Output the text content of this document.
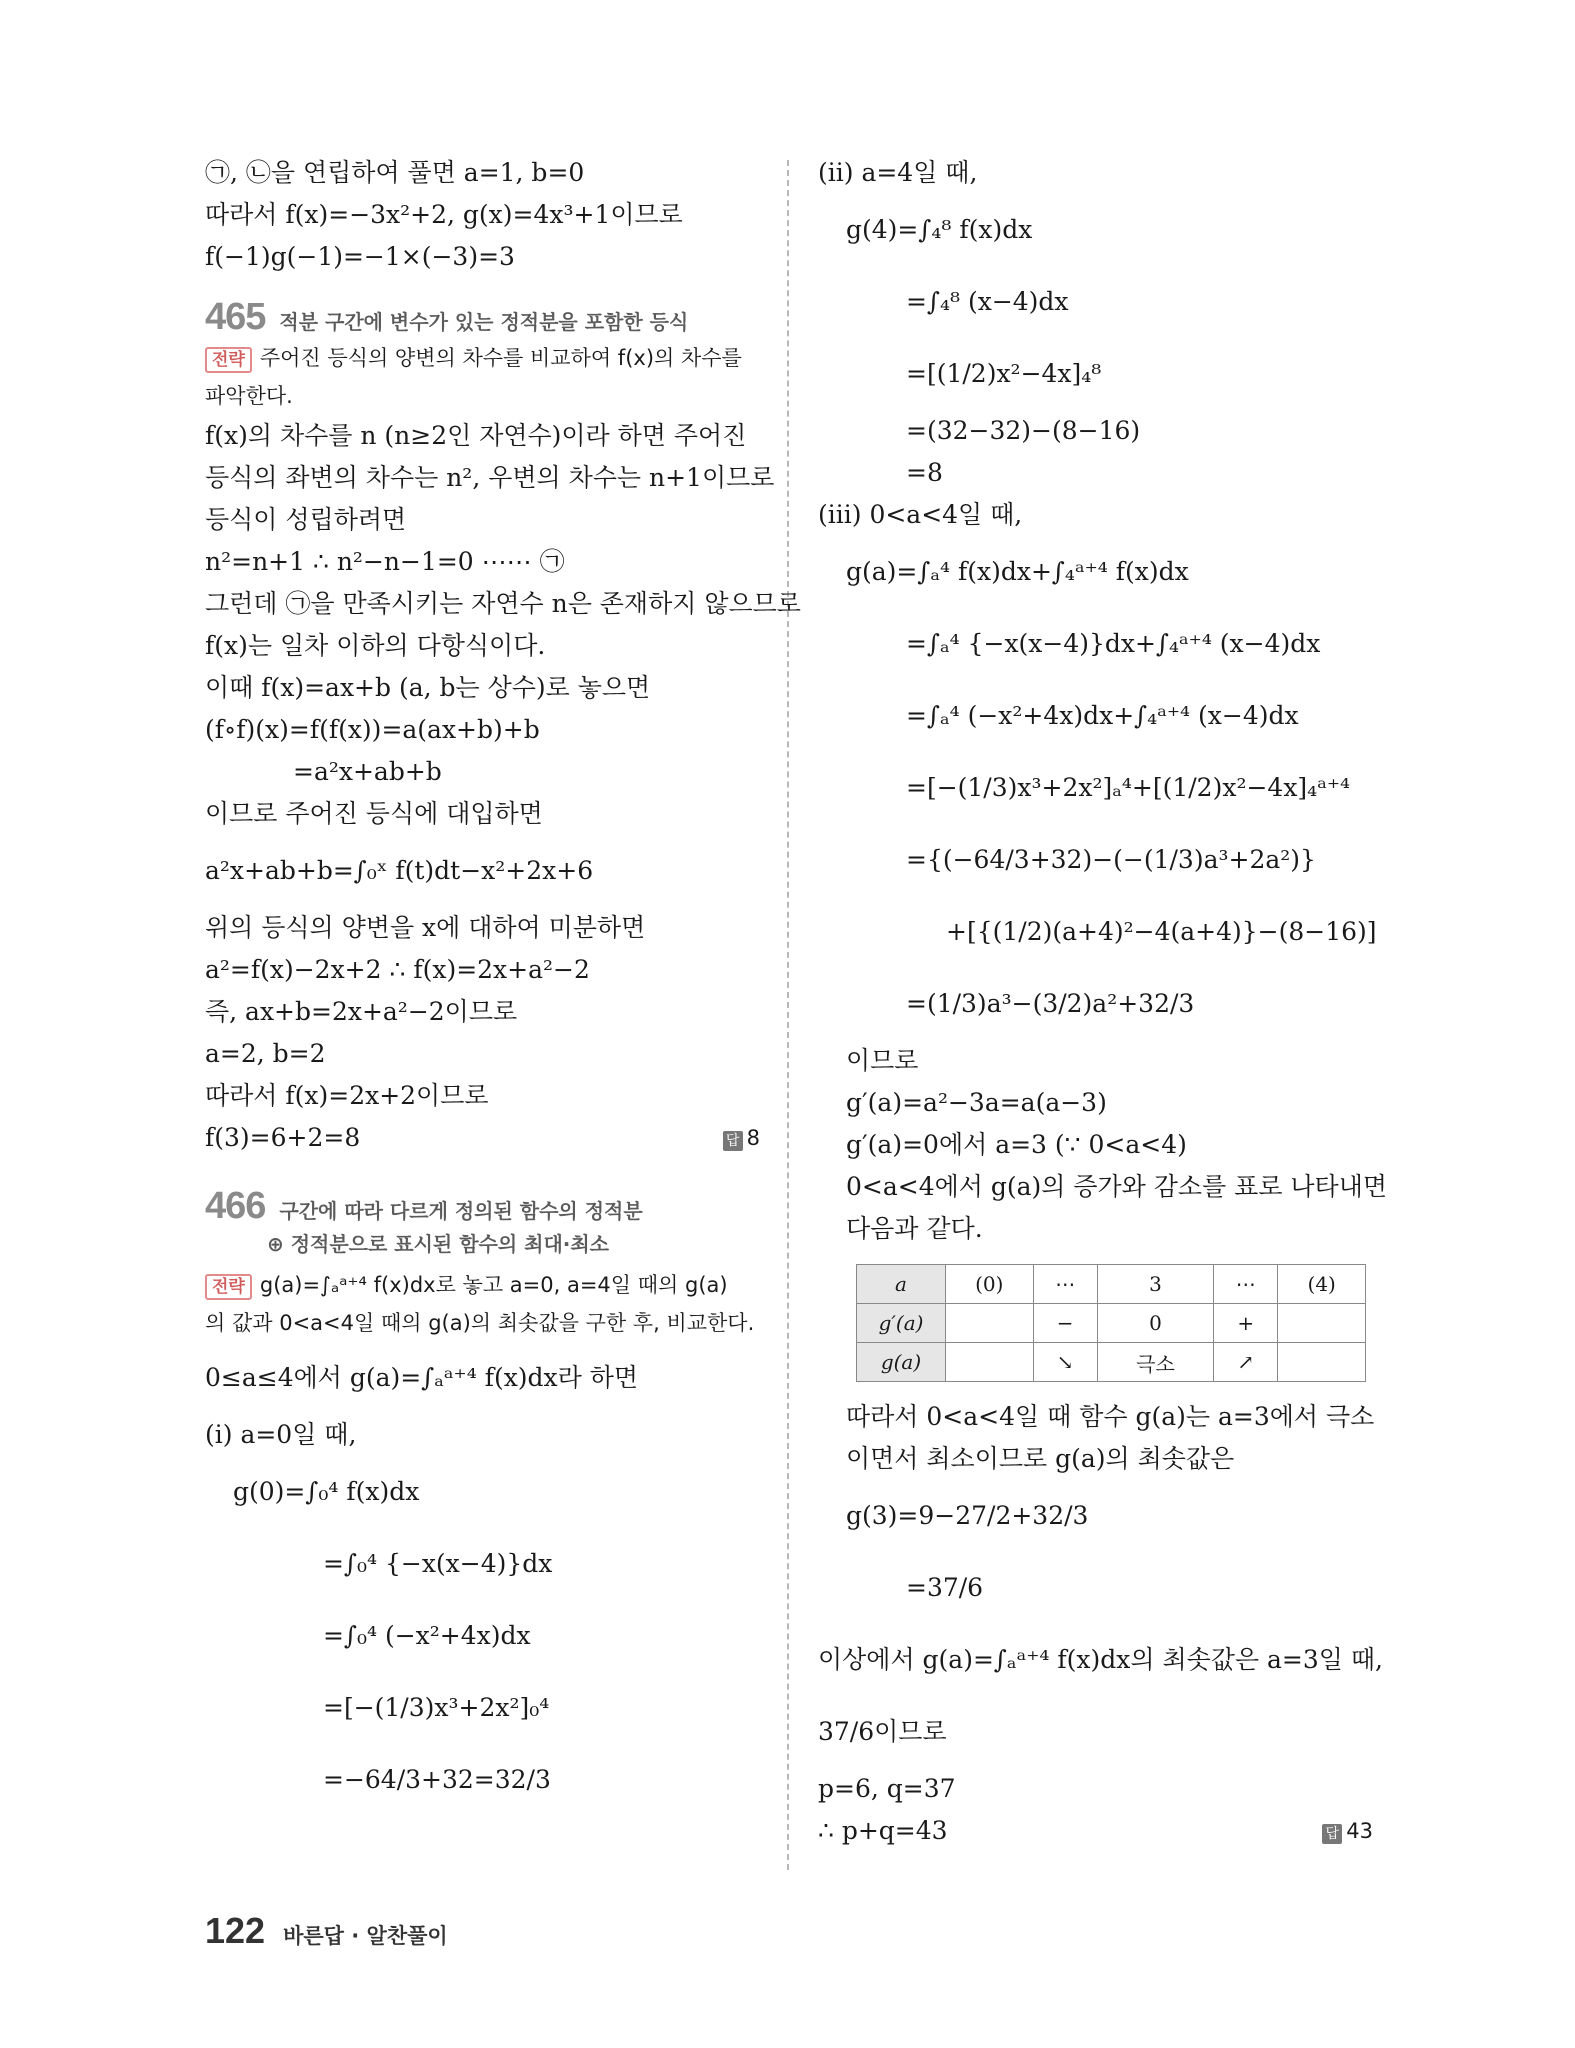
㉠, ㉡을 연립하여 풀면 a=1, b=0
따라서 f(x)=−3x²+2, g(x)=4x³+1이므로
f(−1)g(−1)=−1×(−3)=3
465 적분 구간에 변수가 있는 정적분을 포함한 등식
전략 주어진 등식의 양변의 차수를 비교하여 f(x)의 차수를
파악한다.
f(x)의 차수를 n (n≥2인 자연수)이라 하면 주어진
등식의 좌변의 차수는 n², 우변의 차수는 n+1이므로
등식이 성립하려면
n²=n+1 ∴ n²−n−1=0 ⋯⋯ ㉠
그런데 ㉠을 만족시키는 자연수 n은 존재하지 않으므로
f(x)는 일차 이하의 다항식이다.
이때 f(x)=ax+b (a, b는 상수)로 놓으면
(f∘f)(x)=f(f(x))=a(ax+b)+b
=a²x+ab+b
이므로 주어진 등식에 대입하면
a²x+ab+b=∫₀ˣ f(t)dt−x²+2x+6
위의 등식의 양변을 x에 대하여 미분하면
a²=f(x)−2x+2 ∴ f(x)=2x+a²−2
즉, ax+b=2x+a²−2이므로
a=2, b=2
따라서 f(x)=2x+2이므로
f(3)=6+2=8	답 8
466 구간에 따라 다르게 정의된 함수의 정적분
⊕ 정적분으로 표시된 함수의 최대·최소
전략 g(a)=∫ₐᵃ⁺⁴ f(x)dx로 놓고 a=0, a=4일 때의 g(a)
의 값과 0<a<4일 때의 g(a)의 최솟값을 구한 후, 비교한다.
0≤a≤4에서 g(a)=∫ₐᵃ⁺⁴ f(x)dx라 하면
(i) a=0일 때,
g(0)=∫₀⁴ f(x)dx
=∫₀⁴ {−x(x−4)}dx
=∫₀⁴ (−x²+4x)dx
=[−(1/3)x³+2x²]₀⁴
=−64/3+32=32/3
(ii) a=4일 때,
g(4)=∫₄⁸ f(x)dx
=∫₄⁸ (x−4)dx
=[(1/2)x²−4x]₄⁸
=(32−32)−(8−16)
=8
(iii) 0<a<4일 때,
g(a)=∫ₐ⁴ f(x)dx+∫₄ᵃ⁺⁴ f(x)dx
=∫ₐ⁴ {−x(x−4)}dx+∫₄ᵃ⁺⁴ (x−4)dx
=∫ₐ⁴ (−x²+4x)dx+∫₄ᵃ⁺⁴ (x−4)dx
=[−(1/3)x³+2x²]ₐ⁴+[(1/2)x²−4x]₄ᵃ⁺⁴
={(−64/3+32)−(−(1/3)a³+2a²)}
+[{(1/2)(a+4)²−4(a+4)}−(8−16)]
=(1/3)a³−(3/2)a²+32/3
이므로
g′(a)=a²−3a=a(a−3)
g′(a)=0에서 a=3 (∵ 0<a<4)
0<a<4에서 g(a)의 증가와 감소를 표로 나타내면
다음과 같다.
a	(0)	⋯	3	⋯	(4)
g′(a)		−	0	+	
g(a)		↘	극소	↗	
따라서 0<a<4일 때 함수 g(a)는 a=3에서 극소
이면서 최소이므로 g(a)의 최솟값은
g(3)=9−27/2+32/3
=37/6
이상에서 g(a)=∫ₐᵃ⁺⁴ f(x)dx의 최솟값은 a=3일 때,
37/6이므로
p=6, q=37
∴ p+q=43	답 43
122 바른답 · 알찬풀이
